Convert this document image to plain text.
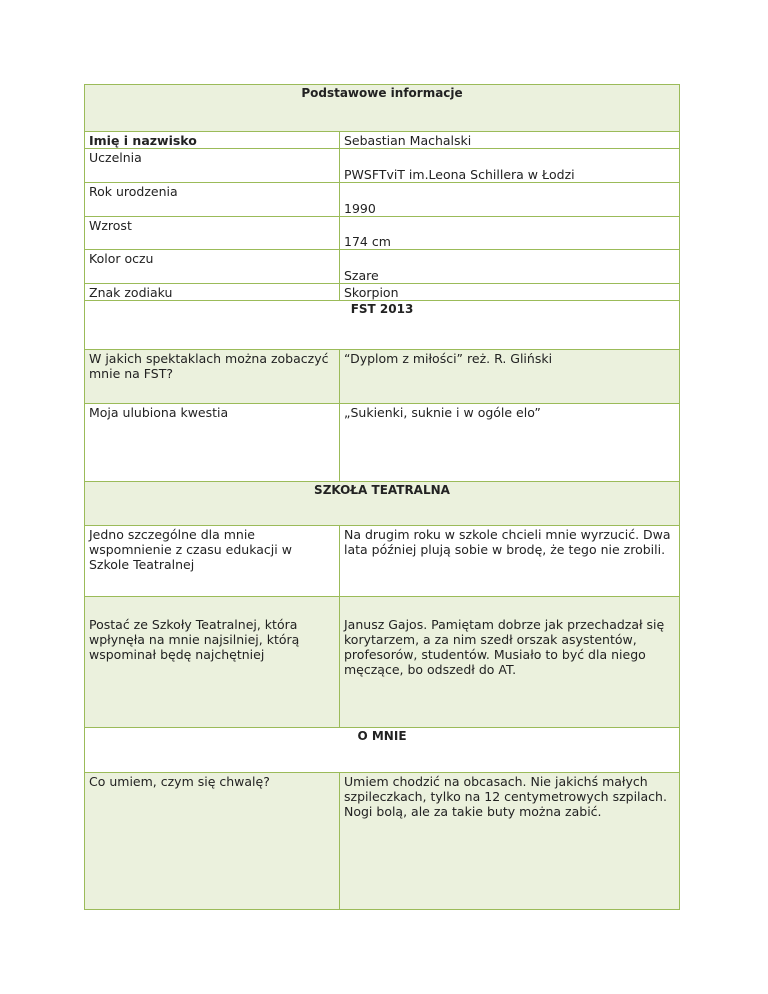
Podstawowe informacje	
Imię i nazwisko	Sebastian Machalski
Uczelnia	PWSFTviT im.Leona Schillera w Łodzi
Rok urodzenia	1990
Wzrost	174 cm
Kolor oczu	Szare
Znak zodiaku	Skorpion
FST 2013	
W jakich spektaklach można zobaczyć mnie na FST?	“Dyplom z miłości” reż. R. Gliński
Moja ulubiona kwestia	„Sukienki, suknie i w ogóle elo”
SZKOŁA TEATRALNA	
Jedno szczególne dla mnie wspomnienie z czasu edukacji w Szkole Teatralnej	Na drugim roku w szkole chcieli mnie wyrzucić. Dwa lata później plują sobie w brodę, że tego nie zrobili.
Postać ze Szkoły Teatralnej, która wpłynęła na mnie najsilniej, którą wspominał będę najchętniej	Janusz Gajos. Pamiętam dobrze jak przechadzał się korytarzem, a za nim szedł orszak asystentów, profesorów, studentów. Musiało to być dla niego męczące, bo odszedł do AT.
O MNIE	
Co umiem, czym się chwalę?	Umiem chodzić na obcasach. Nie jakichś małych szpileczkach, tylko na 12 centymetrowych szpilach. Nogi bolą, ale za takie buty można zabić.
